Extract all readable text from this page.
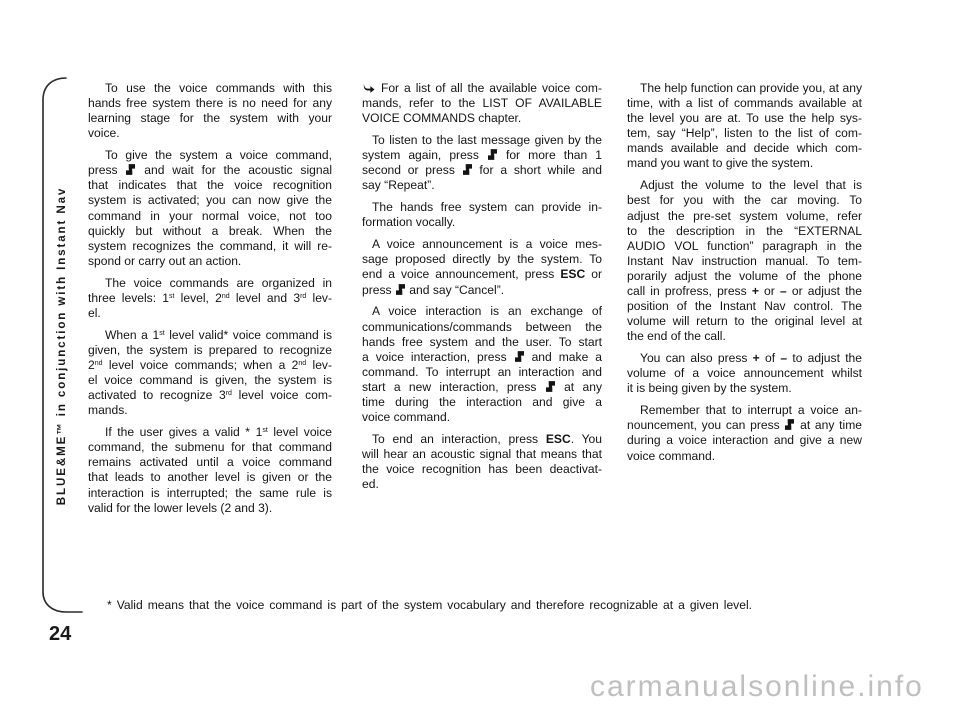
BLUE&ME™ in conjunction with Instant Nav
24
To use the voice commands with this
hands free system there is no need for any
learning stage for the system with your
voice.
To give the system a voice command,
press
and wait for the acoustic signal
that indicates that the voice recognition
system is activated; you can now give the
command in your normal voice, not too
quickly but without a break. When the
system recognizes the command, it will re-
spond or carry out an action.
The voice commands are organized in
three levels: 1st level, 2nd level and 3rd lev-
el.
When a 1st level valid* voice command is
given, the system is prepared to recognize
2nd level voice commands; when a 2nd lev-
el voice command is given, the system is
activated to recognize 3rd level voice com-
mands.
If the user gives a valid * 1st level voice
command, the submenu for that command
remains activated until a voice command
that leads to another level is given or the
interaction is interrupted; the same rule is
valid for the lower levels (2 and 3).
For a list of all the available voice com-
mands, refer to the LIST OF AVAILABLE
VOICE COMMANDS chapter.
To listen to the last message given by the
system again, press
for more than 1
second or press
for a short while and
say “Repeat”.
The hands free system can provide in-
formation vocally.
A voice announcement is a voice mes-
sage proposed directly by the system. To
end a voice announcement, press ESC or
press
and say “Cancel”.
A voice interaction is an exchange of
communications/commands between the
hands free system and the user. To start
a voice interaction, press
and make a
command. To interrupt an interaction and
start a new interaction, press
at any
time during the interaction and give a
voice command.
To end an interaction, press ESC. You
will hear an acoustic signal that means that
the voice recognition has been deactivat-
ed.
The help function can provide you, at any
time, with a list of commands available at
the level you are at. To use the help sys-
tem, say “Help”, listen to the list of com-
mands available and decide which com-
mand you want to give the system.
Adjust the volume to the level that is
best for you with the car moving. To
adjust the pre-set system volume, refer
to the description in the “EXTERNAL
AUDIO VOL function” paragraph in the
Instant Nav instruction manual. To tem-
porarily adjust the volume of the phone
call in profress, press + or – or adjust the
position of the Instant Nav control. The
volume will return to the original level at
the end of the call.
You can also press + of – to adjust the
volume of a voice announcement whilst
it is being given by the system.
Remember that to interrupt a voice an-
nouncement, you can press
at any time
during a voice interaction and give a new
voice command.
* Valid means that the voice command is part of the system vocabulary and therefore recognizable at a given level.
carmanualsonline.info
